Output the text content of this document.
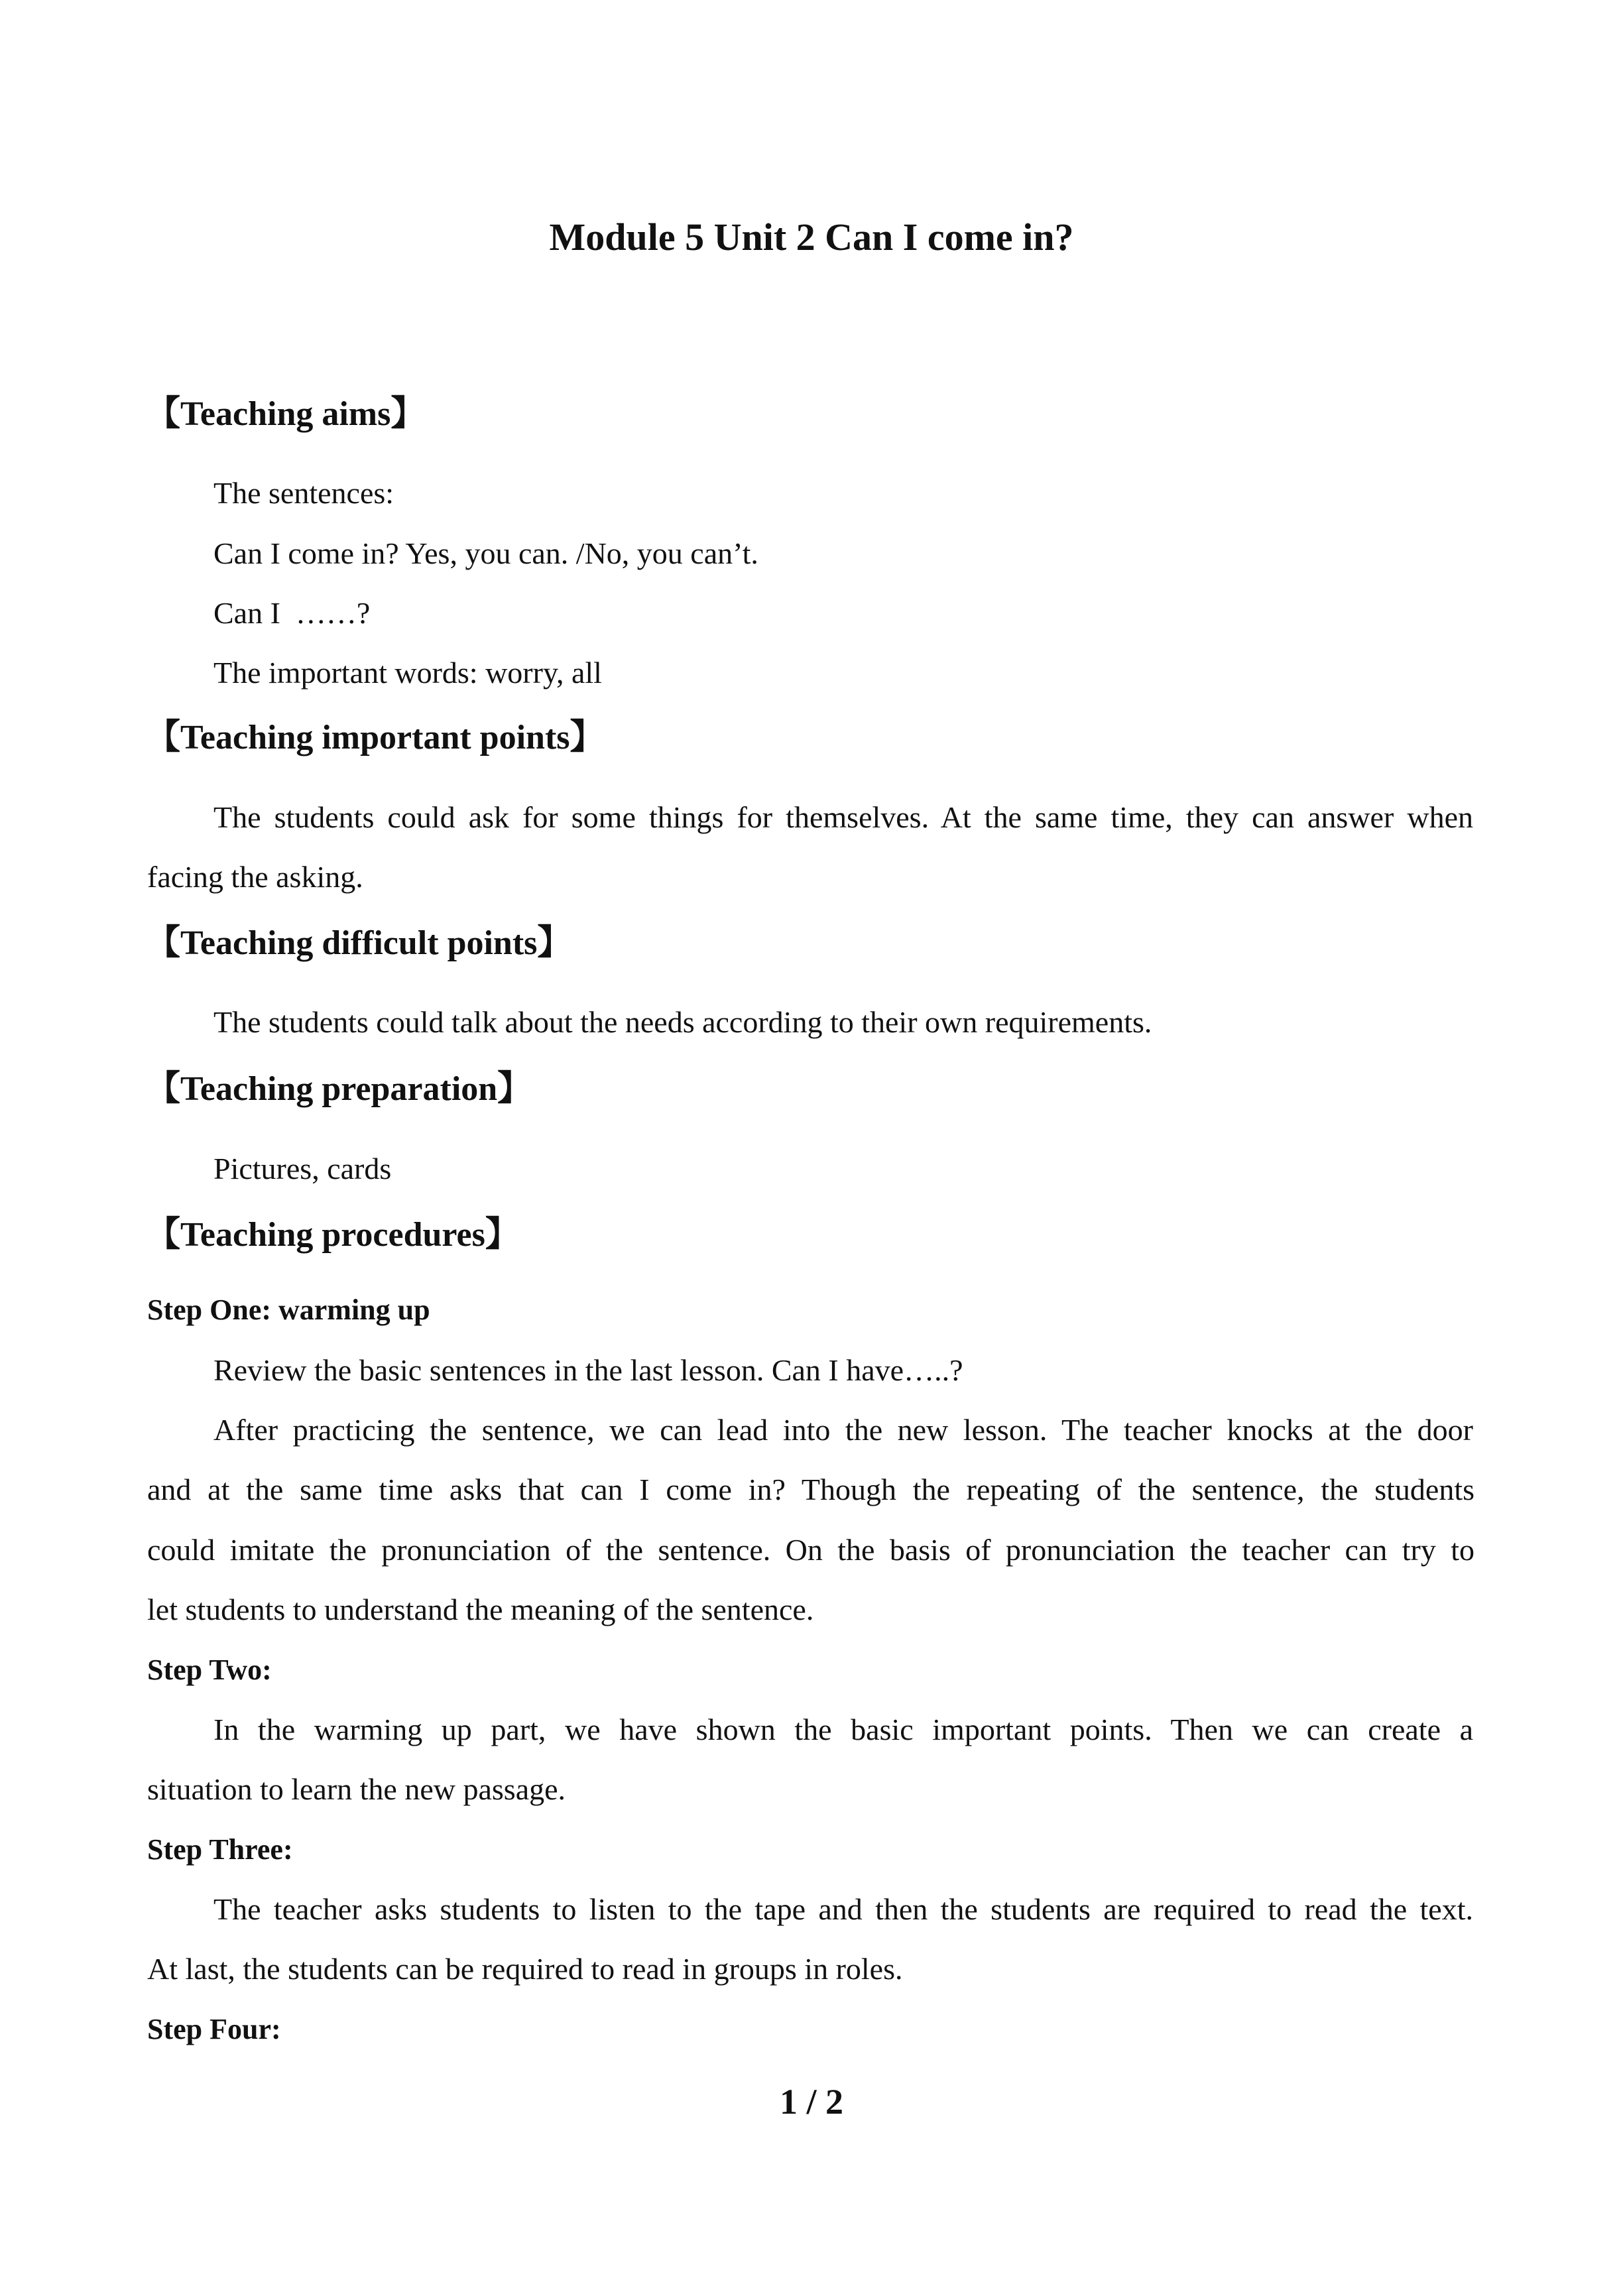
Module 5 Unit 2 Can I come in?
【Teaching aims】
The sentences:
Can I come in? Yes, you can. /No, you can’t.
Can I  ……?
The important words: worry, all
【Teaching important points】
The students could ask for some things for themselves. At the same time, they can answer when
facing the asking.
【Teaching difficult points】
The students could talk about the needs according to their own requirements.
【Teaching preparation】
Pictures, cards
【Teaching procedures】
Step One: warming up
Review the basic sentences in the last lesson. Can I have…..?
After practicing the sentence, we can lead into the new lesson. The teacher knocks at the door
and at the same time asks that can I come in? Though the repeating of the sentence, the students
could imitate the pronunciation of the sentence. On the basis of pronunciation the teacher can try to
let students to understand the meaning of the sentence.
Step Two:
In the warming up part, we have shown the basic important points. Then we can create a
situation to learn the new passage.
Step Three:
The teacher asks students to listen to the tape and then the students are required to read the text.
At last, the students can be required to read in groups in roles.
Step Four:
1 / 2
